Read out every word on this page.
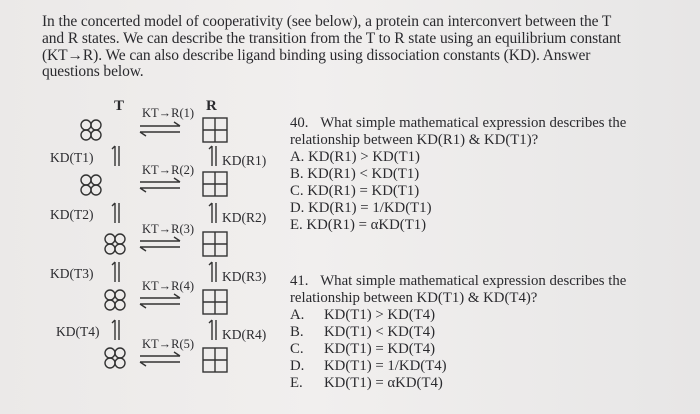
In the concerted model of cooperativity (see below), a protein can interconvert between the T
and R states. We can describe the transition from the T to R state using an equilibrium constant
(KT→R). We can also describe ligand binding using dissociation constants (KD). Answer
questions below.
T	R
KT→R(1)
KT→R(2)
KT→R(3)
KT→R(4)
KT→R(5)
KD(T1)
KD(T2)
KD(T3)
KD(T4)
KD(R1)
KD(R2)
KD(R3)
KD(R4)
40. What simple mathematical expression describes the
relationship between KD(R1) & KD(T1)?
A. KD(R1) > KD(T1)
B. KD(R1) < KD(T1)
C. KD(R1) = KD(T1)
D. KD(R1) = 1/KD(T1)
E. KD(R1) = αKD(T1)
41. What simple mathematical expression describes the
relationship between KD(T1) & KD(T4)?
A. KD(T1) > KD(T4)
B. KD(T1) < KD(T4)
C. KD(T1) = KD(T4)
D. KD(T1) = 1/KD(T4)
E. KD(T1) = αKD(T4)
